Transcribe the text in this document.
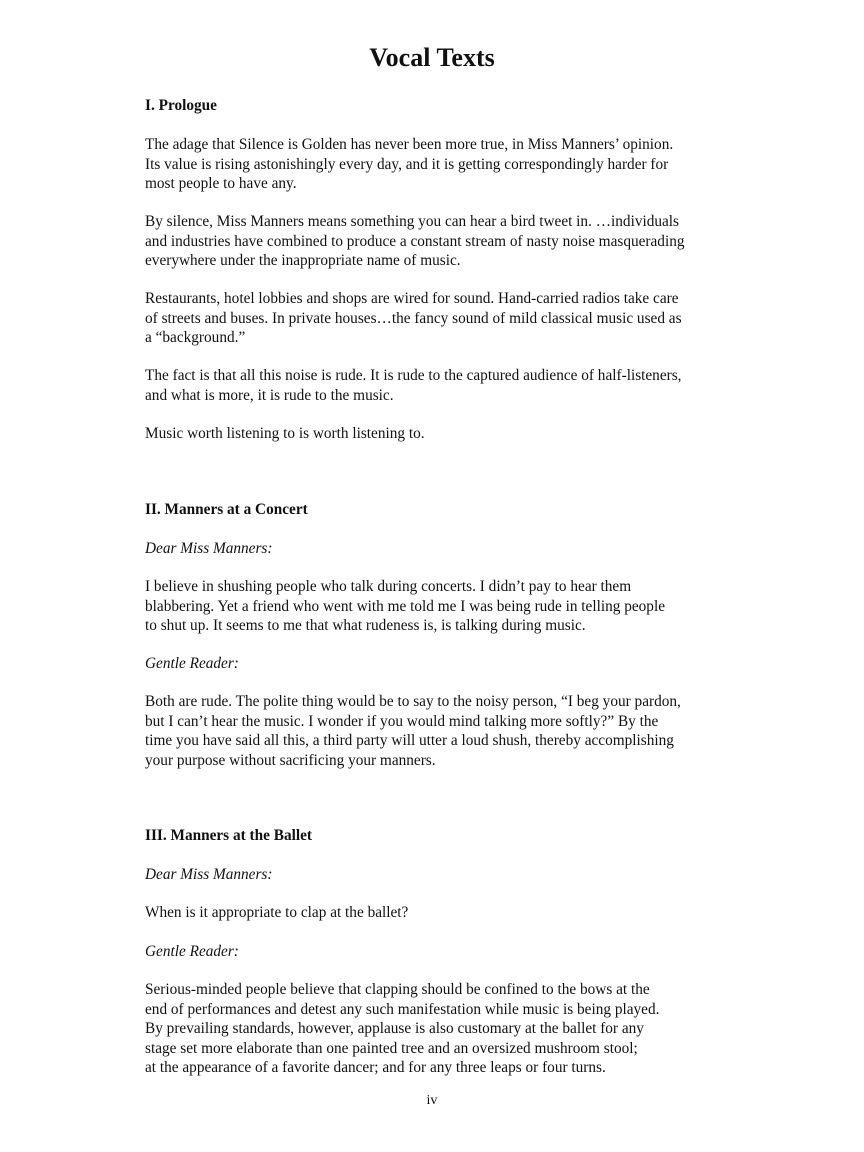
Vocal Texts
I. Prologue

The adage that Silence is Golden has never been more true, in Miss Manners’ opinion.
Its value is rising astonishingly every day, and it is getting correspondingly harder for
most people to have any.

By silence, Miss Manners means something you can hear a bird tweet in. …individuals
and industries have combined to produce a constant stream of nasty noise masquerading
everywhere under the inappropriate name of music.

Restaurants, hotel lobbies and shops are wired for sound. Hand-carried radios take care
of streets and buses. In private houses…the fancy sound of mild classical music used as
a “background.”

The fact is that all this noise is rude. It is rude to the captured audience of half-listeners,
and what is more, it is rude to the music.

Music worth listening to is worth listening to.

II. Manners at a Concert
Dear Miss Manners:

I believe in shushing people who talk during concerts. I didn’t pay to hear them
blabbering. Yet a friend who went with me told me I was being rude in telling people
to shut up. It seems to me that what rudeness is, is talking during music.

Gentle Reader:

Both are rude. The polite thing would be to say to the noisy person, “I beg your pardon,
but I can’t hear the music. I wonder if you would mind talking more softly?” By the
time you have said all this, a third party will utter a loud shush, thereby accomplishing
your purpose without sacrificing your manners.

III. Manners at the Ballet
Dear Miss Manners:

When is it appropriate to clap at the ballet?

Gentle Reader:

Serious-minded people believe that clapping should be confined to the bows at the
end of performances and detest any such manifestation while music is being played.
By prevailing standards, however, applause is also customary at the ballet for any
stage set more elaborate than one painted tree and an oversized mushroom stool;
at the appearance of a favorite dancer; and for any three leaps or four turns.

iv
